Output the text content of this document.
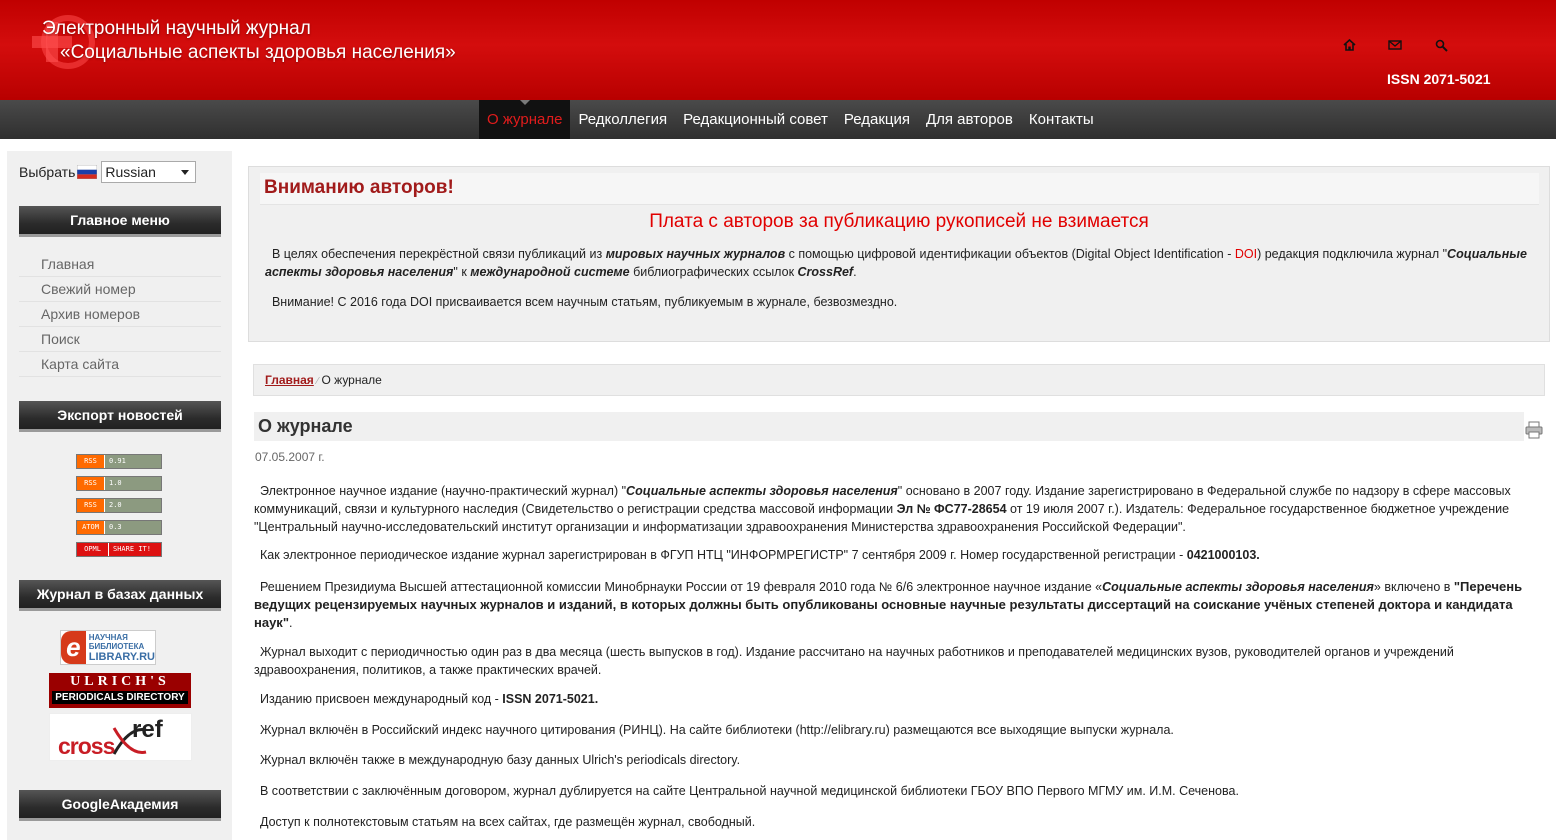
Электронный научный журнал
«Социальные аспекты здоровья населения»
ISSN 2071-5021
О журнале	Редколлегия	Редакционный совет	Редакция	Для авторов	Контакты
Выбрать Russian
Главное меню
Главная
Свежий номер
Архив номеров
Поиск
Карта сайта
Экспорт новостей
RSS	0.91
RSS	1.0
RSS	2.0
ATOM	0.3
OPML	SHARE IT!
Журнал в базах данных
e	НАУЧНАЯ
БИБЛИОТЕКА
LIBRARY.RU
ULRICH'S
PERIODICALS DIRECTORY
cross
ref
GoogleАкадемия
Вниманию авторов!
Плата с авторов за публикацию рукописей не взимается

В целях обеспечения перекрёстной связи публикаций из мировых научных журналов с помощью цифровой идентификации объектов (Digital Object Identification - DOI) редакция подключила журнал "Социальные аспекты здоровья населения" к международной системе библиографических ссылок CrossRef.

Внимание! С 2016 года DOI присваивается всем научным статьям, публикуемым в журнале, безвозмездно.

Главная ⁄ О журнале
О журнале
07.05.2007 г.

Электронное научное издание (научно-практический журнал) "Социальные аспекты здоровья населения" основано в 2007 году. Издание зарегистрировано в Федеральной службе по надзору в сфере массовых коммуникаций, связи и культурного наследия (Свидетельство о регистрации средства массовой информации Эл № ФС77-28654 от 19 июля 2007 г.). Издатель: Федеральное государственное бюджетное учреждение "Центральный научно-исследовательский институт организации и информатизации здравоохранения Министерства здравоохранения Российской Федерации".

Как электронное периодическое издание журнал зарегистрирован в ФГУП НТЦ "ИНФОРМРЕГИСТР" 7 сентября 2009 г. Номер государственной регистрации - 0421000103.

Решением Президиума Высшей аттестационной комиссии Минобрнауки России от 19 февраля 2010 года № 6/6 электронное научное издание «Социальные аспекты здоровья населения» включено в "Перечень ведущих рецензируемых научных журналов и изданий, в которых должны быть опубликованы основные научные результаты диссертаций на соискание учёных степеней доктора и кандидата наук".

Журнал выходит с периодичностью один раз в два месяца (шесть выпусков в год). Издание рассчитано на научных работников и преподавателей медицинских вузов, руководителей органов и учреждений здравоохранения, политиков, а также практических врачей.

Изданию присвоен международный код - ISSN 2071-5021.

Журнал включён в Российский индекс научного цитирования (РИНЦ). На сайте библиотеки (http://elibrary.ru) размещаются все выходящие выпуски журнала.

Журнал включён также в международную базу данных Ulrich's periodicals directory.

В соответствии с заключённым договором, журнал дублируется на сайте Центральной научной медицинской библиотеки ГБОУ ВПО Первого МГМУ им. И.М. Сеченова.

Доступ к полнотекстовым статьям на всех сайтах, где размещён журнал, свободный.
